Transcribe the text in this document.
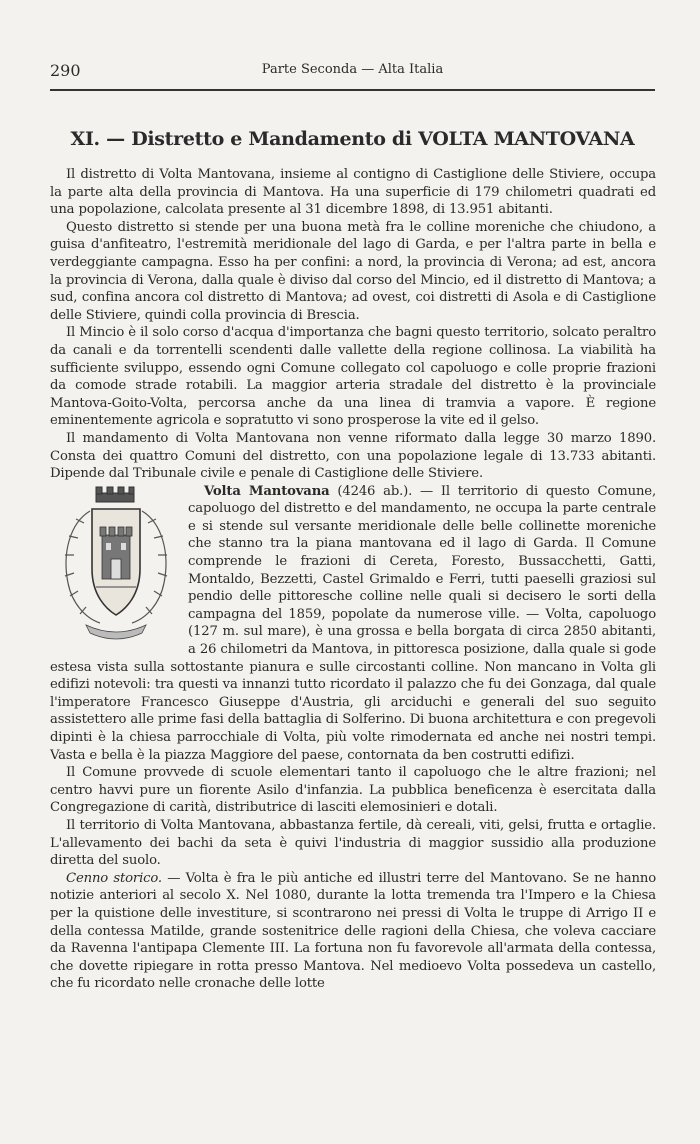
290	Parte Seconda — Alta Italia
XI. — Distretto e Mandamento di VOLTA MANTOVANA

Il distretto di Volta Mantovana, insieme al contigno di Castiglione delle Stiviere, occupa la parte alta della provincia di Mantova. Ha una superficie di 179 chilometri quadrati ed una popolazione, calcolata presente al 31 dicembre 1898, di 13.951 abitanti.

Questo distretto si stende per una buona metà fra le colline moreniche che chiudono, a guisa d'anfiteatro, l'estremità meridionale del lago di Garda, e per l'altra parte in bella e verdeggiante campagna. Esso ha per confini: a nord, la provincia di Verona; ad est, ancora la provincia di Verona, dalla quale è diviso dal corso del Mincio, ed il distretto di Mantova; a sud, confina ancora col distretto di Mantova; ad ovest, coi distretti di Asola e di Castiglione delle Stiviere, quindi colla provincia di Brescia.

Il Mincio è il solo corso d'acqua d'importanza che bagni questo territorio, solcato peraltro da canali e da torrentelli scendenti dalle vallette della regione collinosa. La viabilità ha sufficiente sviluppo, essendo ogni Comune collegato col capoluogo e colle proprie frazioni da comode strade rotabili. La maggior arteria stradale del distretto è la provinciale Mantova-Goito-Volta, percorsa anche da una linea di tramvia a vapore. È regione eminentemente agricola e sopratutto vi sono prosperose la vite ed il gelso.

Il mandamento di Volta Mantovana non venne riformato dalla legge 30 marzo 1890. Consta dei quattro Comuni del distretto, con una popolazione legale di 13.733 abitanti. Dipende dal Tribunale civile e penale di Castiglione delle Stiviere.

Volta Mantovana (4246 ab.). — Il territorio di questo Comune, capoluogo del distretto e del mandamento, ne occupa la parte centrale e si stende sul versante meridionale delle belle collinette moreniche che stanno tra la piana mantovana ed il lago di Garda. Il Comune comprende le frazioni di Cereta, Foresto, Bussacchetti, Gatti, Montaldo, Bezzetti, Castel Grimaldo e Ferri, tutti paeselli graziosi sul pendio delle pittoresche colline nelle quali si decisero le sorti della campagna del 1859, popolate da numerose ville. — Volta, capoluogo (127 m. sul mare), è una grossa e bella borgata di circa 2850 abitanti, a 26 chilometri da Mantova, in pittoresca posizione, dalla quale si gode estesa vista sulla sottostante pianura e sulle circostanti colline. Non mancano in Volta gli edifizi notevoli: tra questi va innanzi tutto ricordato il palazzo che fu dei Gonzaga, dal quale l'imperatore Francesco Giuseppe d'Austria, gli arciduchi e generali del suo seguito assistettero alle prime fasi della battaglia di Solferino. Di buona architettura e con pregevoli dipinti è la chiesa parrocchiale di Volta, più volte rimodernata ed anche nei nostri tempi. Vasta e bella è la piazza Maggiore del paese, contornata da ben costrutti edifizi.

Il Comune provvede di scuole elementari tanto il capoluogo che le altre frazioni; nel centro havvi pure un fiorente Asilo d'infanzia. La pubblica beneficenza è esercitata dalla Congregazione di carità, distributrice di lasciti elemosinieri e dotali.

Il territorio di Volta Mantovana, abbastanza fertile, dà cereali, viti, gelsi, frutta e ortaglie. L'allevamento dei bachi da seta è quivi l'industria di maggior sussidio alla produzione diretta del suolo.

Cenno storico. — Volta è fra le più antiche ed illustri terre del Mantovano. Se ne hanno notizie anteriori al secolo X. Nel 1080, durante la lotta tremenda tra l'Impero e la Chiesa per la quistione delle investiture, si scontrarono nei pressi di Volta le truppe di Arrigo II e della contessa Matilde, grande sostenitrice delle ragioni della Chiesa, che voleva cacciare da Ravenna l'antipapa Clemente III. La fortuna non fu favorevole all'armata della contessa, che dovette ripiegare in rotta presso Mantova. Nel medioevo Volta possedeva un castello, che fu ricordato nelle cronache delle lotte
